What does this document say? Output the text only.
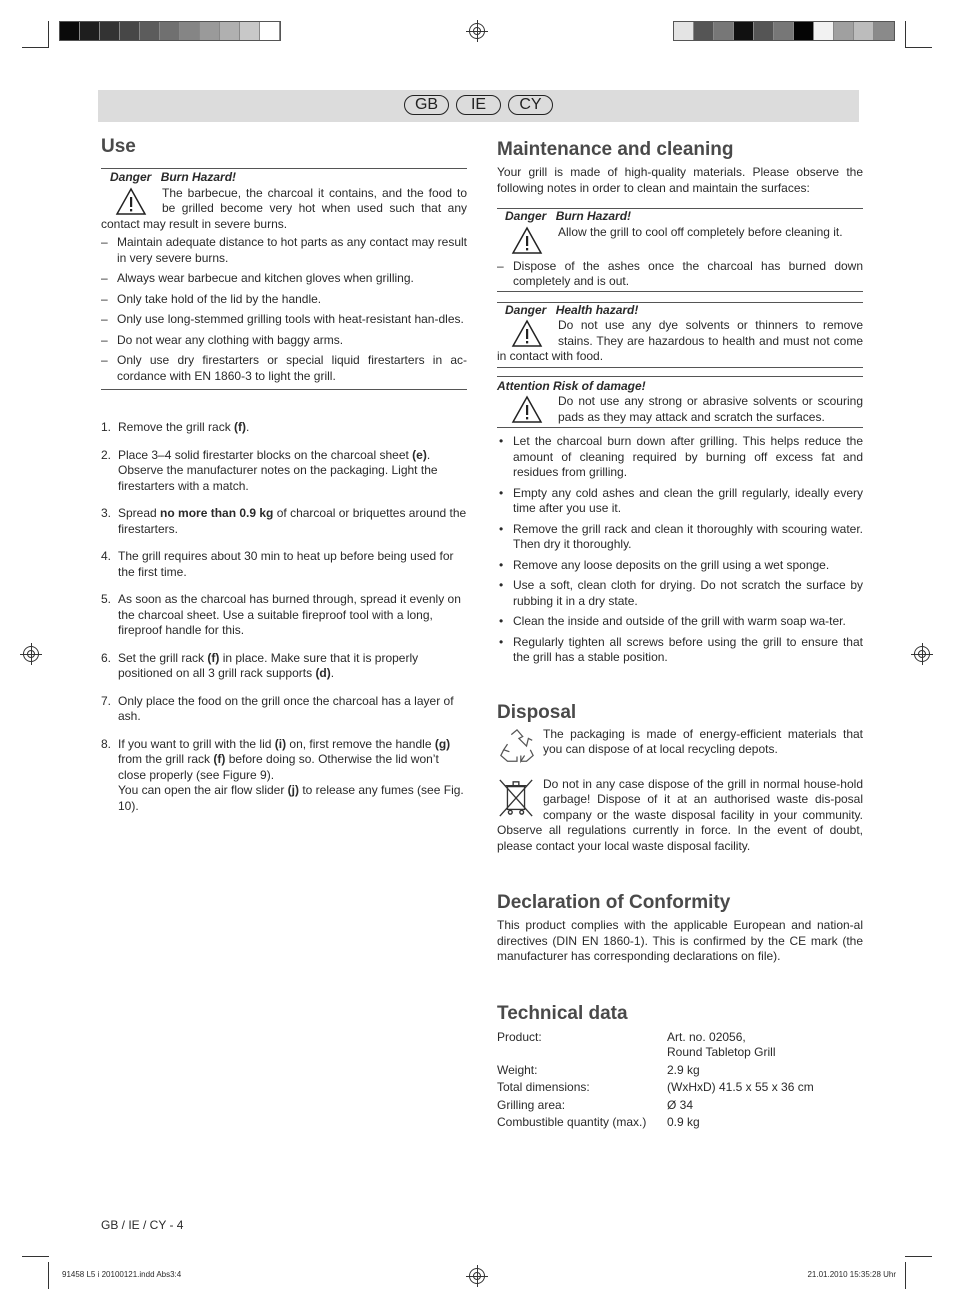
GB	IE	CY
Use
Danger Burn Hazard!

The barbecue, the charcoal it contains, and the food to be grilled become very hot when used such that any contact may result in severe burns.

– Maintain adequate distance to hot parts as any contact may result in very severe burns.
– Always wear barbecue and kitchen gloves when grilling.
– Only take hold of the lid by the handle.
– Only use long-stemmed grilling tools with heat-resistant han-dles.
– Do not wear any clothing with baggy arms.
– Only use dry firestarters or special liquid firestarters in ac-cordance with EN 1860-3 to light the grill.
1. Remove the grill rack (f).
2. Place 3–4 solid firestarter blocks on the charcoal sheet (e). Observe the manufacturer notes on the packaging. Light the firestarters with a match.
3. Spread no more than 0.9 kg of charcoal or briquettes around the firestarters.
4. The grill requires about 30 min to heat up before being used for the first time.
5. As soon as the charcoal has burned through, spread it evenly on the charcoal sheet. Use a suitable fireproof tool with a long, fireproof handle for this.
6. Set the grill rack (f) in place. Make sure that it is properly positioned on all 3 grill rack supports (d).
7. Only place the food on the grill once the charcoal has a layer of ash.
8. If you want to grill with the lid (i) on, first remove the handle (g) from the grill rack (f) before doing so. Otherwise the lid won’t close properly (see Figure 9).
You can open the air flow slider (j) to release any fumes (see Fig. 10).
Maintenance and cleaning

Your grill is made of high-quality materials. Please observe the following notes in order to clean and maintain the surfaces:

Danger Burn Hazard!

Allow the grill to cool off completely before cleaning it.

– Dispose of the ashes once the charcoal has burned down completely and is out.
Danger Health hazard!

Do not use any dye solvents or thinners to remove stains. They are hazardous to health and must not come in contact with food.

Attention Risk of damage!

Do not use any strong or abrasive solvents or scouring pads as they may attack and scratch the surfaces.

• Let the charcoal burn down after grilling. This helps reduce the amount of cleaning required by burning off excess fat and residues from grilling.
• Empty any cold ashes and clean the grill regularly, ideally every time after you use it.
• Remove the grill rack and clean it thoroughly with scouring water. Then dry it thoroughly.
• Remove any loose deposits on the grill using a wet sponge.
• Use a soft, clean cloth for drying. Do not scratch the surface by rubbing it in a dry state.
• Clean the inside and outside of the grill with warm soap wa-ter.
• Regularly tighten all screws before using the grill to ensure that the grill has a stable position.
Disposal

The packaging is made of energy-efficient materials that you can dispose of at local recycling depots.

Do not in any case dispose of the grill in normal house-hold garbage! Dispose of it at an authorised waste dis-posal company or the waste disposal facility in your community. Observe all regulations currently in force. In the event of doubt, please contact your local waste disposal facility.

Declaration of Conformity

This product complies with the applicable European and nation-al directives (DIN EN 1860-1). This is confirmed by the CE mark (the manufacturer has corresponding declarations on file).

Technical data
Product:	Art. no. 02056,
Round Tabletop Grill
Weight:	2.9 kg
Total dimensions:	(WxHxD) 41.5 x 55 x 36 cm
Grilling area:	Ø 34
Combustible quantity (max.)	0.9 kg
GB / IE / CY - 4
91458 L5 i 20100121.indd Abs3:4	21.01.2010 15:35:28 Uhr
